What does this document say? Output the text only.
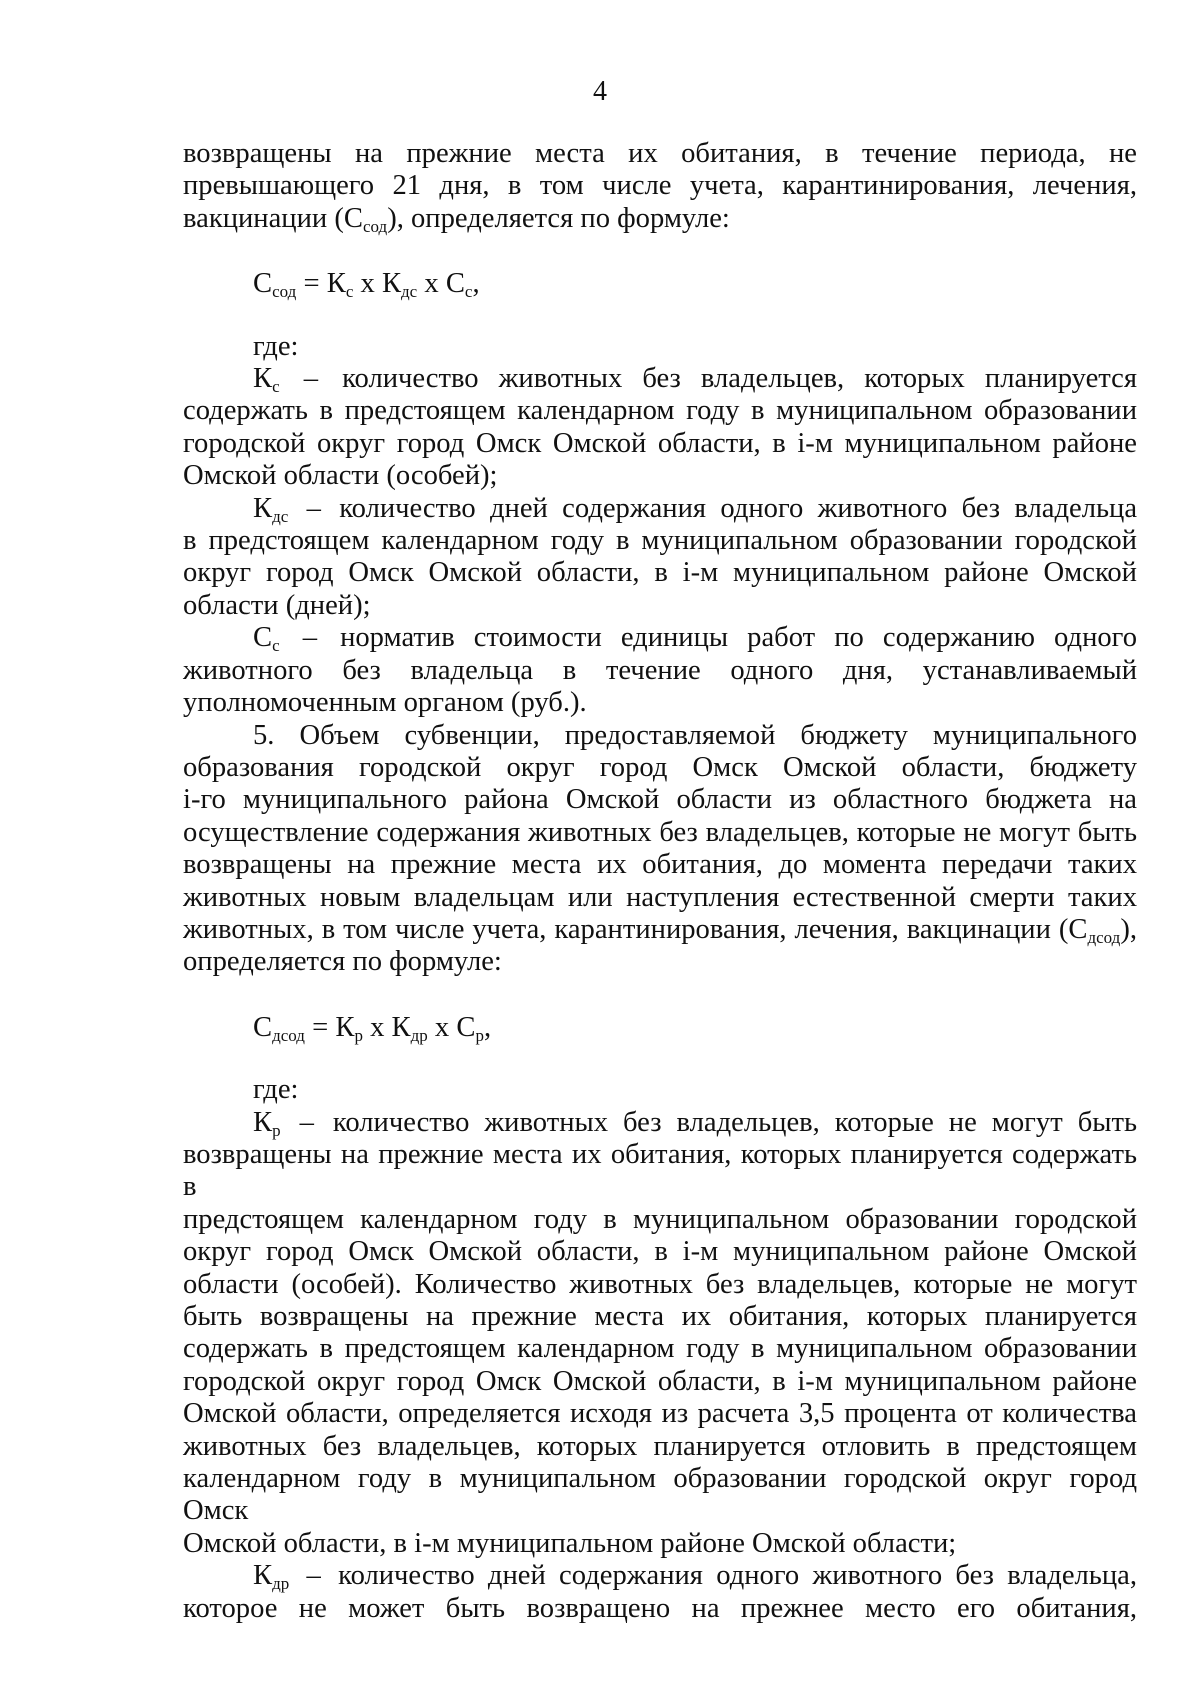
4

возвращены на прежние места их обитания, в течение периода, не

превышающего 21 дня, в том числе учета, карантинирования, лечения,

вакцинации $(С_{сод})$, определяется по формуле:

$С_{сод} = К_с$ х $К_{дс}$ х $С_с$,

где:

$К_с$ – количество животных без владельцев, которых планируется

содержать в предстоящем календарном году в муниципальном образовании

городской округ город Омск Омской области, в i-м муниципальном районе

Омской области (особей);

$К_{дс}$ – количество дней содержания одного животного без владельца

в предстоящем календарном году в муниципальном образовании городской

округ город Омск Омской области, в i-м муниципальном районе Омской

области (дней);

$С_с$ – норматив стоимости единицы работ по содержанию одного

животного без владельца в течение одного дня, устанавливаемый

уполномоченным органом (руб.).

5. Объем субвенции, предоставляемой бюджету муниципального

образования городской округ город Омск Омской области, бюджету

i-го муниципального района Омской области из областного бюджета на

осуществление содержания животных без владельцев, которые не могут быть

возвращены на прежние места их обитания, до момента передачи таких

животных новым владельцам или наступления естественной смерти таких

животных, в том числе учета, карантинирования, лечения, вакцинации $(С_{дсод})$,

определяется по формуле:

$С_{дсод} = К_р$ х $К_{др}$ х $С_р$,

где:

$К_р$ – количество животных без владельцев, которые не могут быть

возвращены на прежние места их обитания, которых планируется содержать в

предстоящем календарном году в муниципальном образовании городской

округ город Омск Омской области, в i-м муниципальном районе Омской

области (особей). Количество животных без владельцев, которые не могут

быть возвращены на прежние места их обитания, которых планируется

содержать в предстоящем календарном году в муниципальном образовании

городской округ город Омск Омской области, в i-м муниципальном районе

Омской области, определяется исходя из расчета 3,5 процента от количества

животных без владельцев, которых планируется отловить в предстоящем

календарном году в муниципальном образовании городской округ город Омск

Омской области, в i-м муниципальном районе Омской области;

$К_{др}$ – количество дней содержания одного животного без владельца,

которое не может быть возвращено на прежнее место его обитания,
